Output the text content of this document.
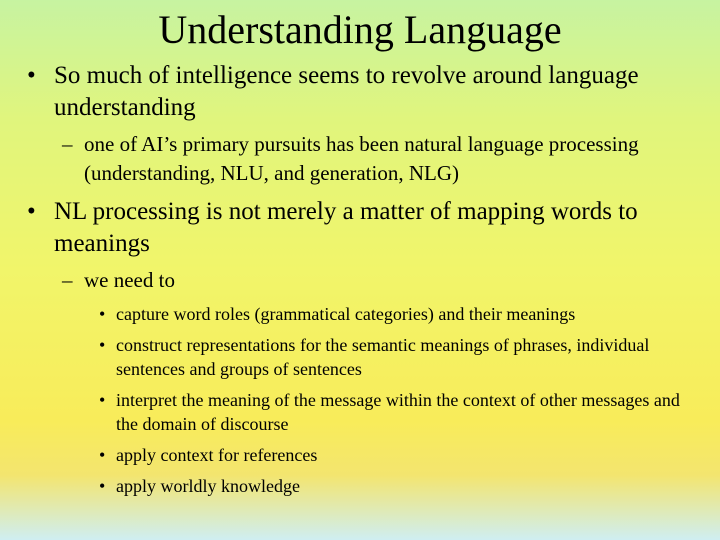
Understanding Language
• So much of intelligence seems to revolve around language understanding
– one of AI’s primary pursuits has been natural language processing (understanding, NLU, and generation, NLG)
• NL processing is not merely a matter of mapping words to meanings
– we need to
• capture word roles (grammatical categories) and their meanings
• construct representations for the semantic meanings of phrases, individual sentences and groups of sentences
• interpret the meaning of the message within the context of other messages and the domain of discourse
• apply context for references
• apply worldly knowledge
